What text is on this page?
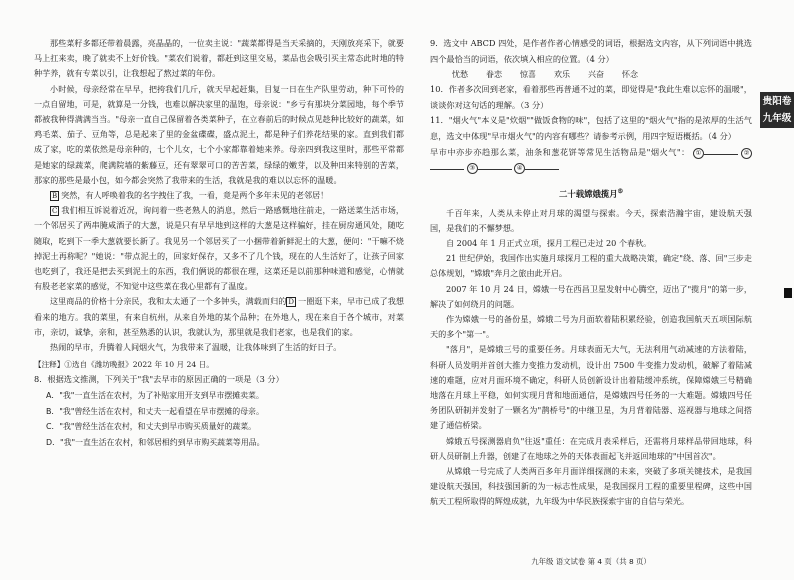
那些菜籽多都还带着晨露，亮晶晶的，一位卖主说："蔬菜都得是当天采摘的，天刚放亮采下，就要马上扛来卖，晚了就卖不上好价钱。"菜农们说着，都赶到这里交易，菜品也会吸引买主常态此时地的特种芋养，就有专菜以引，让我想起了熬过菜的年份。

小时候，母亲经常在早早，把挎我们几斤，就天早起赶集，目复一日在生产队里劳动，种下可怜的一点自留地，可是，就算是一分钱，也难以解决家里的温饱，母亲说："乡亏有那块分菜园地，每个季节都被我种得满满当当。"母亲一直自己保留着各类菜种子，在立春前后的时候点见趁种比较好的蔬菜，如鸡毛菜、茄子、豆角等，总是起来了里的金盆碟碟，盛点泥土，都是种子们养花结果的家。直到我们都成了家，吃的菜依然是母亲种的，七个儿女，七个小家都靠着她来养。母亲四到我这里时，那些平常都是她家的绿蔬菜，爬满院墙的紫藤豆，还有翠翠可口的苦苦菜，绿绿的嫩芽，以及种田来特别的苦菜，那家的那些是最小包，如今都会突然了我带来的生活，我就是我的难以以忘怀的温暖。

B 突然，有人呼唤着我的名字拽住了我，一看，竟是两个多年未见的老邻居！

C 我们相互诉说着近况，询问着一些老熟人的消息，然后一路感慨地往前走，一路送菜生活市场，一个邻居买了两串腌咸酒子的大葱，说是只有早早地到这样的大葱是这样骗好，挂在厨房通风处，随吃随取，吃到下一季大葱就要长新了。我见另一个邻居买了一小捆带着新鲜泥土的大葱，便问："干嘛不烧掉泥土再称呢？"她说："带点泥土的，回家好保存，又多不了几个钱，现在的人生活好了，让孩子回家也吃到了，我还是把去买到泥土的东西，我们俩说的都很在理，这菜还是以前那种味道和感觉，心情就有股老老家菜的感觉，不知觉中这些菜在我心里都有了温度。

这里商品的价格十分亲民，我和太太通了一个多钟头，满载而归的 D 一圈逛下来，早市已成了我想看来的地方。我的菜里，有来自杭州，从来自外地的某个品种；在外地人，现在来自于各个城市，对菜市，亲切，诚挚，亲和，甚至熟悉的认识，我就认为，那里就是我们老家，也是我们的家。

热闹的早市，升腾着人间烟火气，为我带来了温暖，让我体味到了生活的好日子。

【注释】①选自《潍坊晚报》2022 年 10 月 24 日。

8．根据选文推测，下列关于"我"去早市的原因正确的一项是（3 分）

A．"我"一直生活在农村，为了补贴家用开支到早市摆摊卖菜。

B．"我"曾经生活在农村，和丈夫一起看望在早市摆摊的母亲。

C．"我"曾经生活在农村，和丈夫到早市购买质量好的蔬菜。

D．"我"一直生活在农村，和邻居相约到早市购买蔬菜等用品。

9．选文中 ABCD 四处，是作者作者心情感受的词语，根据选文内容，从下列词语中挑选四个最恰当的词语，依次填入相应的位置。（4 分）

忧愁 眷恋 惊喜 欢乐 兴奋 怀念

10．作者多次回到老家，看着那些再普通不过的菜，即觉得是"我此生难以忘怀的温暖"，谈谈你对这句话的理解。（3 分）

11．"烟火气"本义是"炊烟""做饭食物的味"，包括了这里的"烟火气"指的是浓厚的生活气息，选文中体现"早市烟火气"的内容有哪些？请参考示例，用四字短语概括。（4 分）

早市中亦步亦趋那么菜，油条和葱花饼等常见生活物品是"烟火气"： ①	② ③	④

二十载嫦娥揽月⑤

千百年来，人类从未停止对月球的渴望与探索。今天，探索浩瀚宇宙，建设航天强国，是我们的不懈梦想。

自 2004 年 1 月正式立项，探月工程已走过 20 个春秋。

21 世纪伊始，我国作出实施月球探月工程的重大战略决策，确定"绕、落、回"三步走总体规划，"嫦娥"奔月之旅由此开启。

2007 年 10 月 24 日，嫦娥一号在西昌卫星发射中心腾空，迈出了"揽月"的第一步，解决了如何绕月的问题。

作为嫦娥一号的备份星，嫦娥二号为月面软着陆积累经验，创造我国航天五项国际航天的多个"第一"。

"落月"，是嫦娥三号的重要任务。月球表面无大气，无法利用气动减速的方法着陆，科研人员发明并首创大推力变推力发动机，设计出 7500 牛变推力发动机，破解了着陆减速的难题，应对月面环境不确定，科研人员创新设计出着陆缓冲系统，保障嫦娥三号精确地落在月球上平稳，如何实现月背和地面通信，是嫦娥四号任务的一大难题。嫦娥四号任务团队研制并发射了一颗名为"鹊桥号"的中继卫星，为月背着陆器、巡视器与地球之间搭建了通信桥梁。

嫦娥五号探测器肩负"往返"重任：在完成月表采样后，还需将月球样品带回地球，科研人员研制上升器，创建了在地球之外的天体表面起飞并返回地球的"中国首次"。

从嫦娥一号完成了人类两百多年月面详细探测的未来，突破了多项关键技术，是我国建设航天强国，科技强国新的为一标志性成果，是我国探月工程的重要里程碑，这些中国航天工程所取得的辉煌成就，九年级为中华民族探索宇宙的自信与荣光。

贵阳卷
九年级
九年级 语文试卷 第 4 页（共 8 页）
